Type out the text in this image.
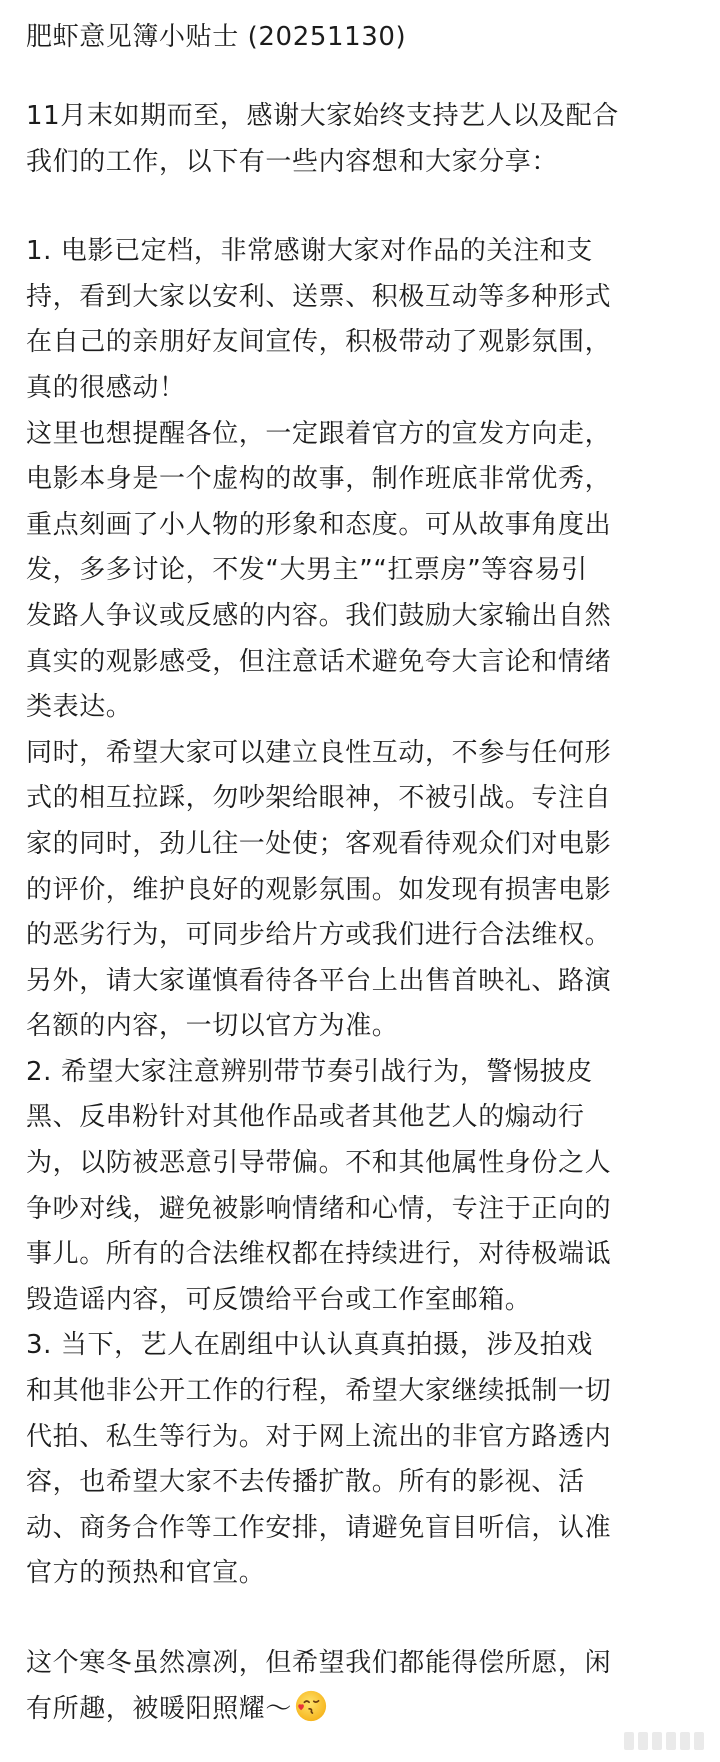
肥虾意见簿小贴士 (20251130)
11月末如期而至，感谢大家始终支持艺人以及配合
我们的工作，以下有一些内容想和大家分享：
1. 电影已定档，非常感谢大家对作品的关注和支
持，看到大家以安利、送票、积极互动等多种形式
在自己的亲朋好友间宣传，积极带动了观影氛围，
真的很感动！
这里也想提醒各位，一定跟着官方的宣发方向走，
电影本身是一个虚构的故事，制作班底非常优秀，
重点刻画了小人物的形象和态度。可从故事角度出
发，多多讨论，不发“大男主”“扛票房”等容易引
发路人争议或反感的内容。我们鼓励大家输出自然
真实的观影感受，但注意话术避免夸大言论和情绪
类表达。
同时，希望大家可以建立良性互动，不参与任何形
式的相互拉踩，勿吵架给眼神，不被引战。专注自
家的同时，劲儿往一处使；客观看待观众们对电影
的评价，维护良好的观影氛围。如发现有损害电影
的恶劣行为，可同步给片方或我们进行合法维权。
另外，请大家谨慎看待各平台上出售首映礼、路演
名额的内容，一切以官方为准。
2. 希望大家注意辨别带节奏引战行为，警惕披皮
黑、反串粉针对其他作品或者其他艺人的煽动行
为，以防被恶意引导带偏。不和其他属性身份之人
争吵对线，避免被影响情绪和心情，专注于正向的
事儿。所有的合法维权都在持续进行，对待极端诋
毁造谣内容，可反馈给平台或工作室邮箱。
3. 当下，艺人在剧组中认认真真拍摄，涉及拍戏
和其他非公开工作的行程，希望大家继续抵制一切
代拍、私生等行为。对于网上流出的非官方路透内
容，也希望大家不去传播扩散。所有的影视、活
动、商务合作等工作安排，请避免盲目听信，认准
官方的预热和官宣。
这个寒冬虽然凛冽，但希望我们都能得偿所愿，闲
有所趣，被暖阳照耀～
